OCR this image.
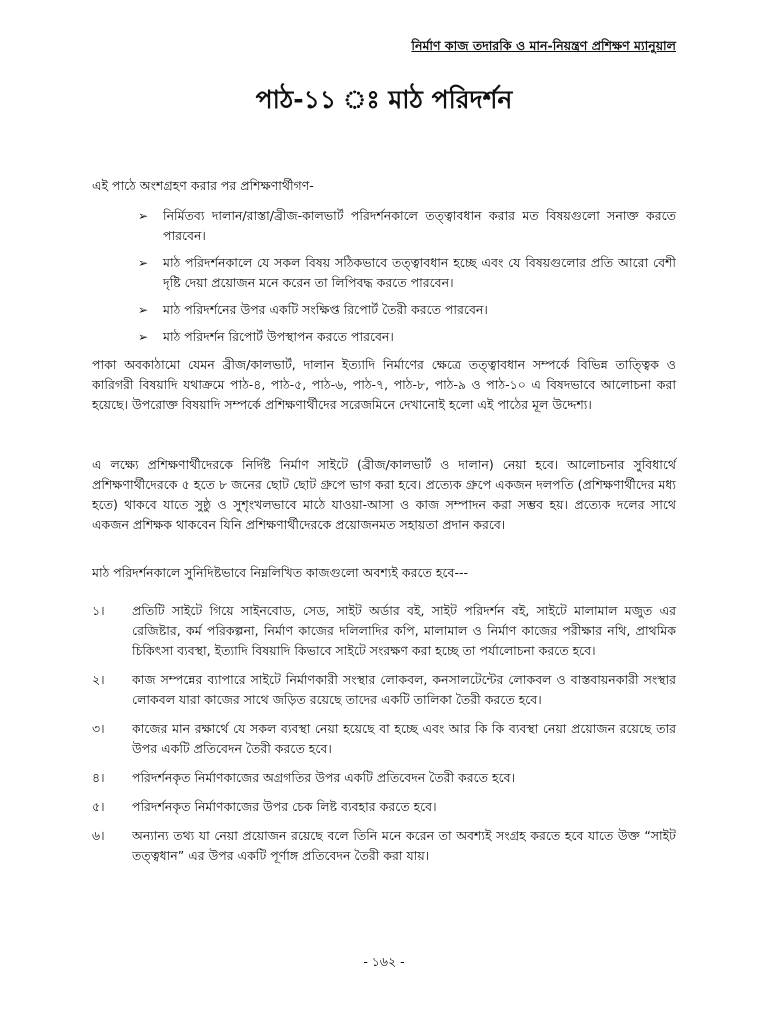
নির্মাণ কাজ তদারকি ও মান-নিয়ন্ত্রণ প্রশিক্ষণ ম্যানুয়াল
পাঠ-১১ ঃ মাঠ পরিদর্শন
এই পাঠে অংশগ্রহণ করার পর প্রশিক্ষণার্থীগণ-
➢ নির্মিতব্য দালান/রাস্তা/ব্রীজ-কালভার্ট পরিদর্শনকালে তত্ত্বাবধান করার মত বিষয়গুলো সনাক্ত করতে পারবেন।
➢ মাঠ পরিদর্শনকালে যে সকল বিষয় সঠিকভাবে তত্ত্বাবধান হচ্ছে এবং যে বিষয়গুলোর প্রতি আরো বেশী দৃষ্টি দেয়া প্রয়োজন মনে করেন তা লিপিবদ্ধ করতে পারবেন।
➢ মাঠ পরিদর্শনের উপর একটি সংক্ষিপ্ত রিপোর্ট তৈরী করতে পারবেন।
➢ মাঠ পরিদর্শন রিপোর্ট উপস্থাপন করতে পারবেন।

পাকা অবকাঠামো যেমন ব্রীজ/কালভার্ট, দালান ইত্যাদি নির্মাণের ক্ষেত্রে তত্ত্বাবধান সম্পর্কে বিভিন্ন তাত্ত্বিক ও কারিগরী বিষয়াদি যথাক্রমে পাঠ-৪, পাঠ-৫, পাঠ-৬, পাঠ-৭, পাঠ-৮, পাঠ-৯ ও পাঠ-১০ এ বিষদভাবে আলোচনা করা হয়েছে। উপরোক্ত বিষয়াদি সম্পর্কে প্রশিক্ষণার্থীদের সরেজমিনে দেখানোই হলো এই পাঠের মূল উদ্দেশ্য।

এ লক্ষ্যে প্রশিক্ষণার্থীদেরকে নির্দিষ্ট নির্মাণ সাইটে (ব্রীজ/কালভার্ট ও দালান) নেয়া হবে। আলোচনার সুবিধার্থে প্রশিক্ষণার্থীদেরকে ৫ হতে ৮ জনের ছোট ছোট গ্রুপে ভাগ করা হবে। প্রত্যেক গ্রুপে একজন দলপতি (প্রশিক্ষণার্থীদের মধ্য হতে) থাকবে যাতে সুষ্ঠু ও সুশৃংখলভাবে মাঠে যাওয়া-আসা ও কাজ সম্পাদন করা সম্ভব হয়। প্রত্যেক দলের সাথে একজন প্রশিক্ষক থাকবেন যিনি প্রশিক্ষণার্থীদেরকে প্রয়োজনমত সহায়তা প্রদান করবে।

মাঠ পরিদর্শনকালে সুনিদিষ্টভাবে নিম্নলিখিত কাজগুলো অবশ্যই করতে হবে---

১। প্রতিটি সাইটে গিয়ে সাইনবোড, সেড, সাইট অর্ডার বই, সাইট পরিদর্শন বই, সাইটে মালামাল মজুত এর রেজিষ্টার, কর্ম পরিকল্পনা, নির্মাণ কাজের দলিলাদির কপি, মালামাল ও নির্মাণ কাজের পরীক্ষার নথি, প্রাথমিক চিকিৎসা ব্যবস্থা, ইত্যাদি বিষয়াদি কিভাবে সাইটে সংরক্ষণ করা হচ্ছে তা পর্যালোচনা করতে হবে।
২। কাজ সম্পন্নের ব্যাপারে সাইটে নির্মাণকারী সংস্থার লোকবল, কনসালটেন্টের লোকবল ও বাস্তবায়নকারী সংস্থার লোকবল যারা কাজের সাথে জড়িত রয়েছে তাদের একটি তালিকা তৈরী করতে হবে।
৩। কাজের মান রক্ষার্থে যে সকল ব্যবস্থা নেয়া হয়েছে বা হচ্ছে এবং আর কি কি ব্যবস্থা নেয়া প্রয়োজন রয়েছে তার উপর একটি প্রতিবেদন তৈরী করতে হবে।
৪। পরিদর্শনকৃত নির্মাণকাজের অগ্রগতির উপর একটি প্রতিবেদন তৈরী করতে হবে।
৫। পরিদর্শনকৃত নির্মাণকাজের উপর চেক লিষ্ট ব্যবহার করতে হবে।
৬। অন্যান্য তথ্য যা নেয়া প্রয়োজন রয়েছে বলে তিনি মনে করেন তা অবশ্যই সংগ্রহ করতে হবে যাতে উক্ত “সাইট তত্ত্বধান” এর উপর একটি পূর্ণাঙ্গ প্রতিবেদন তৈরী করা যায়।
- ১৬২ -
